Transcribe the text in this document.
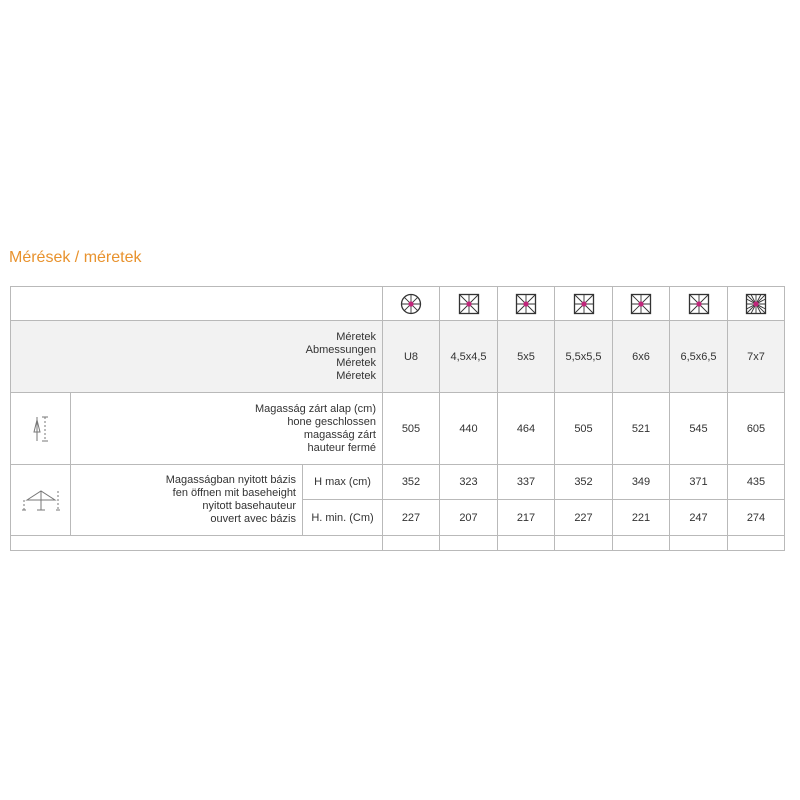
Mérések / méretek

Méretek
Abmessungen
Méretek
Méretek			U8	4,5x4,5	5x5	5,5x5,5	6x6	6,5x6,5	7x7

Magasság zárt alap (cm)
hone geschlossen
magasság zárt
hauteur fermé		505	440	464	505	521	545	605

Magasságban nyitott bázis
fen öffnen mit baseheight
nyitott basehauteur
ouvert avec bázis	H max (cm)	352	323	337	352	349	371	435
		H. min. (Cm)	227	207	217	227	221	247	274
